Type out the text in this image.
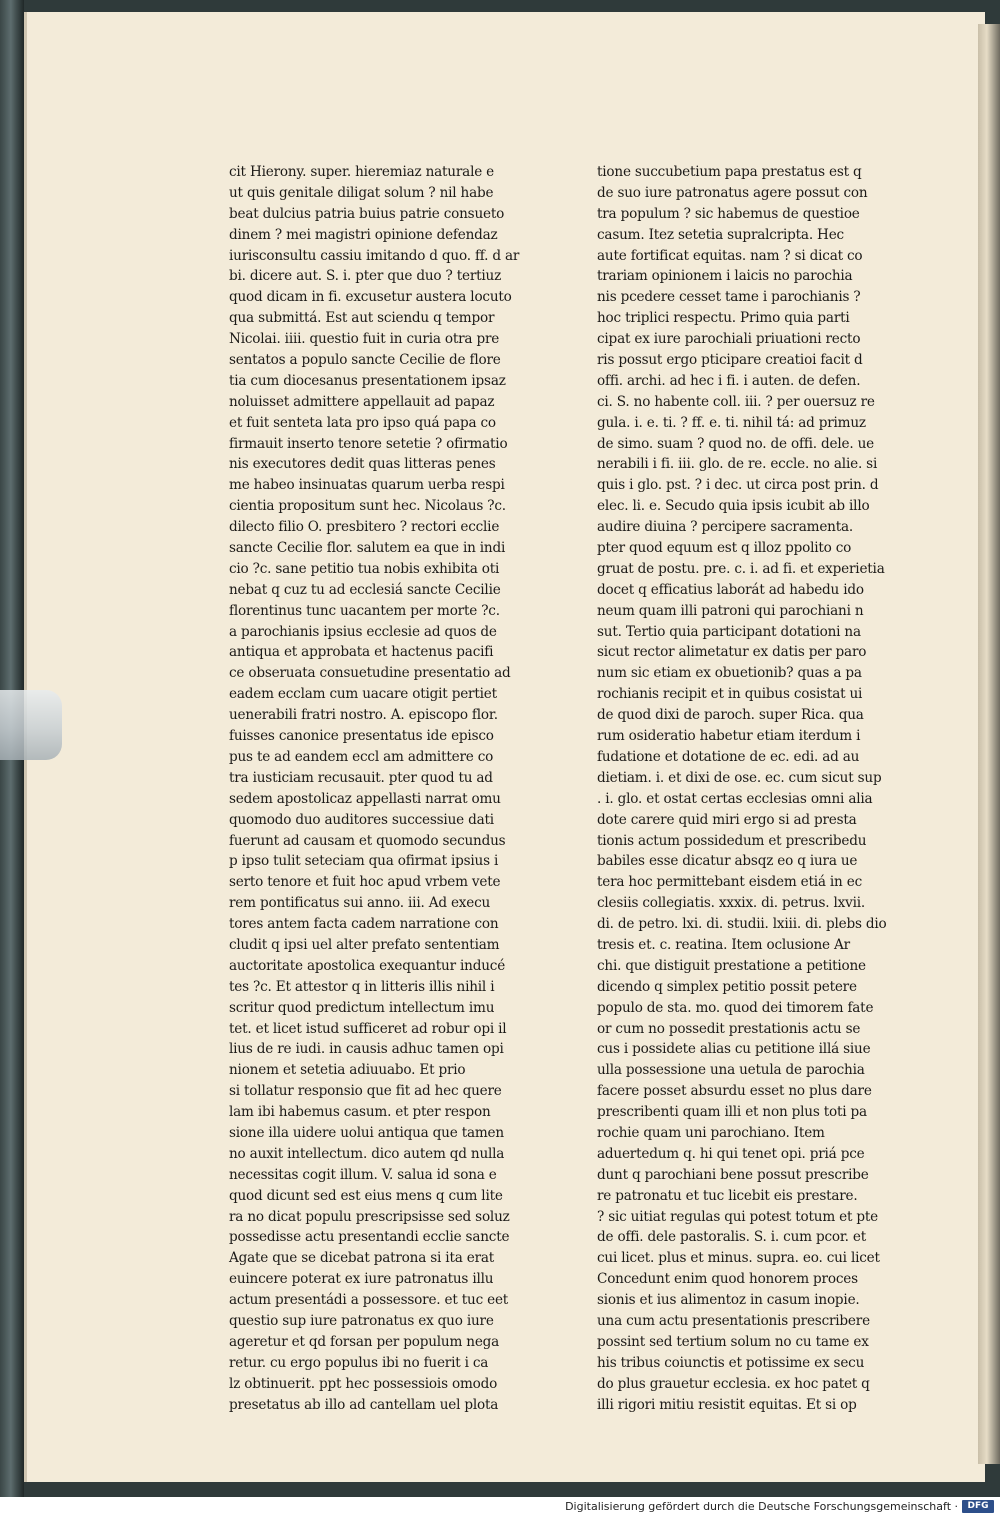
cit Hierony. super. hieremiaz naturale e
ut quis genitale diligat solum ? nil habe
beat dulcius patria buius patrie consueto
dinem ? mei magistri opinione defendaz
iurisconsultu cassiu imitando d quo. ff. d ar
bi. dicere aut. S. i. pter que duo ? tertiuz
quod dicam in fi. excusetur austera locuto
qua submittá. Est aut sciendu q tempor
Nicolai. iiii. questio fuit in curia otra pre
sentatos a populo sancte Cecilie de flore
tia cum diocesanus presentationem ipsaz
noluisset admittere appellauit ad papaz
et fuit senteta lata pro ipso quá papa co
firmauit inserto tenore setetie ? ofirmatio
nis executores dedit quas litteras penes
me habeo insinuatas quarum uerba respi
cientia propositum sunt hec. Nicolaus ?c.
dilecto filio O. presbitero ? rectori ecclie
sancte Cecilie flor. salutem ea que in indi
cio ?c. sane petitio tua nobis exhibita oti
nebat q cuz tu ad ecclesiá sancte Cecilie
florentinus tunc uacantem per morte ?c.
a parochianis ipsius ecclesie ad quos de
antiqua et approbata et hactenus pacifi
ce obseruata consuetudine presentatio ad
eadem ecclam cum uacare otigit pertiet
uenerabili fratri nostro. A. episcopo flor.
fuisses canonice presentatus ide episco
pus te ad eandem eccl am admittere co
tra iusticiam recusauit. pter quod tu ad
sedem apostolicaz appellasti narrat omu
quomodo duo auditores successiue dati
fuerunt ad causam et quomodo secundus
p ipso tulit seteciam qua ofirmat ipsius i
serto tenore et fuit hoc apud vrbem vete
rem pontificatus sui anno. iii. Ad execu
tores antem facta cadem narratione con
cludit q ipsi uel alter prefato sententiam
auctoritate apostolica exequantur inducé
tes ?c. Et attestor q in litteris illis nihil i
scritur quod predictum intellectum imu
tet. et licet istud sufficeret ad robur opi il
lius de re iudi. in causis adhuc tamen opi
nionem et setetia adiuuabo. Et prio
si tollatur responsio que fit ad hec quere
lam ibi habemus casum. et pter respon
sione illa uidere uolui antiqua que tamen
no auxit intellectum. dico autem qd nulla
necessitas cogit illum. V. salua id sona e
quod dicunt sed est eius mens q cum lite
ra no dicat populu prescripsisse sed soluz
possedisse actu presentandi ecclie sancte
Agate que se dicebat patrona si ita erat
euincere poterat ex iure patronatus illu
actum presentádi a possessore. et tuc eet
questio sup iure patronatus ex quo iure
ageretur et qd forsan per populum nega
retur. cu ergo populus ibi no fuerit i ca
lz obtinuerit. ppt hec possessiois omodo
presetatus ab illo ad cantellam uel plota
tione succubetium papa prestatus est q
de suo iure patronatus agere possut con
tra populum ? sic habemus de questioe
casum. Itez setetia supralcripta. Hec
aute fortificat equitas. nam ? si dicat co
trariam opinionem i laicis no parochia
nis pcedere cesset tame i parochianis ?
hoc triplici respectu. Primo quia parti
cipat ex iure parochiali priuationi recto
ris possut ergo pticipare creatioi facit d
offi. archi. ad hec i fi. i auten. de defen.
ci. S. no habente coll. iii. ? per ouersuz re
gula. i. e. ti. ? ff. e. ti. nihil tá: ad primuz
de simo. suam ? quod no. de offi. dele. ue
nerabili i fi. iii. glo. de re. eccle. no alie. si
quis i glo. pst. ? i dec. ut circa post prin. d
elec. li. e. Secudo quia ipsis icubit ab illo
audire diuina ? percipere sacramenta.
pter quod equum est q illoz ppolito co
gruat de postu. pre. c. i. ad fi. et experietia
docet q efficatius laborát ad habedu ido
neum quam illi patroni qui parochiani n
sut. Tertio quia participant dotationi na
sicut rector alimetatur ex datis per paro
num sic etiam ex obuetionib? quas a pa
rochianis recipit et in quibus cosistat ui
de quod dixi de paroch. super Rica. qua
rum osideratio habetur etiam iterdum i
fudatione et dotatione de ec. edi. ad au
dietiam. i. et dixi de ose. ec. cum sicut sup
. i. glo. et ostat certas ecclesias omni alia
dote carere quid miri ergo si ad presta
tionis actum possidedum et prescribedu
babiles esse dicatur absqz eo q iura ue
tera hoc permittebant eisdem etiá in ec
clesiis collegiatis. xxxix. di. petrus. lxvii.
di. de petro. lxi. di. studii. lxiii. di. plebs dio
tresis et. c. reatina. Item oclusione Ar
chi. que distiguit prestatione a petitione
dicendo q simplex petitio possit petere
populo de sta. mo. quod dei timorem fate
or cum no possedit prestationis actu se
cus i possidete alias cu petitione illá siue
ulla possessione una uetula de parochia
facere posset absurdu esset no plus dare
prescribenti quam illi et non plus toti pa
rochie quam uni parochiano. Item
aduertedum q. hi qui tenet opi. priá pce
dunt q parochiani bene possut prescribe
re patronatu et tuc licebit eis prestare.
? sic uitiat regulas qui potest totum et pte
de offi. dele pastoralis. S. i. cum pcor. et
cui licet. plus et minus. supra. eo. cui licet
Concedunt enim quod honorem proces
sionis et ius alimentoz in casum inopie.
una cum actu presentationis prescribere
possint sed tertium solum no cu tame ex
his tribus coiunctis et potissime ex secu
do plus grauetur ecclesia. ex hoc patet q
illi rigori mitiu resistit equitas. Et si op
Digitalisierung gefördert durch die Deutsche Forschungsgemeinschaft ·	DFG
